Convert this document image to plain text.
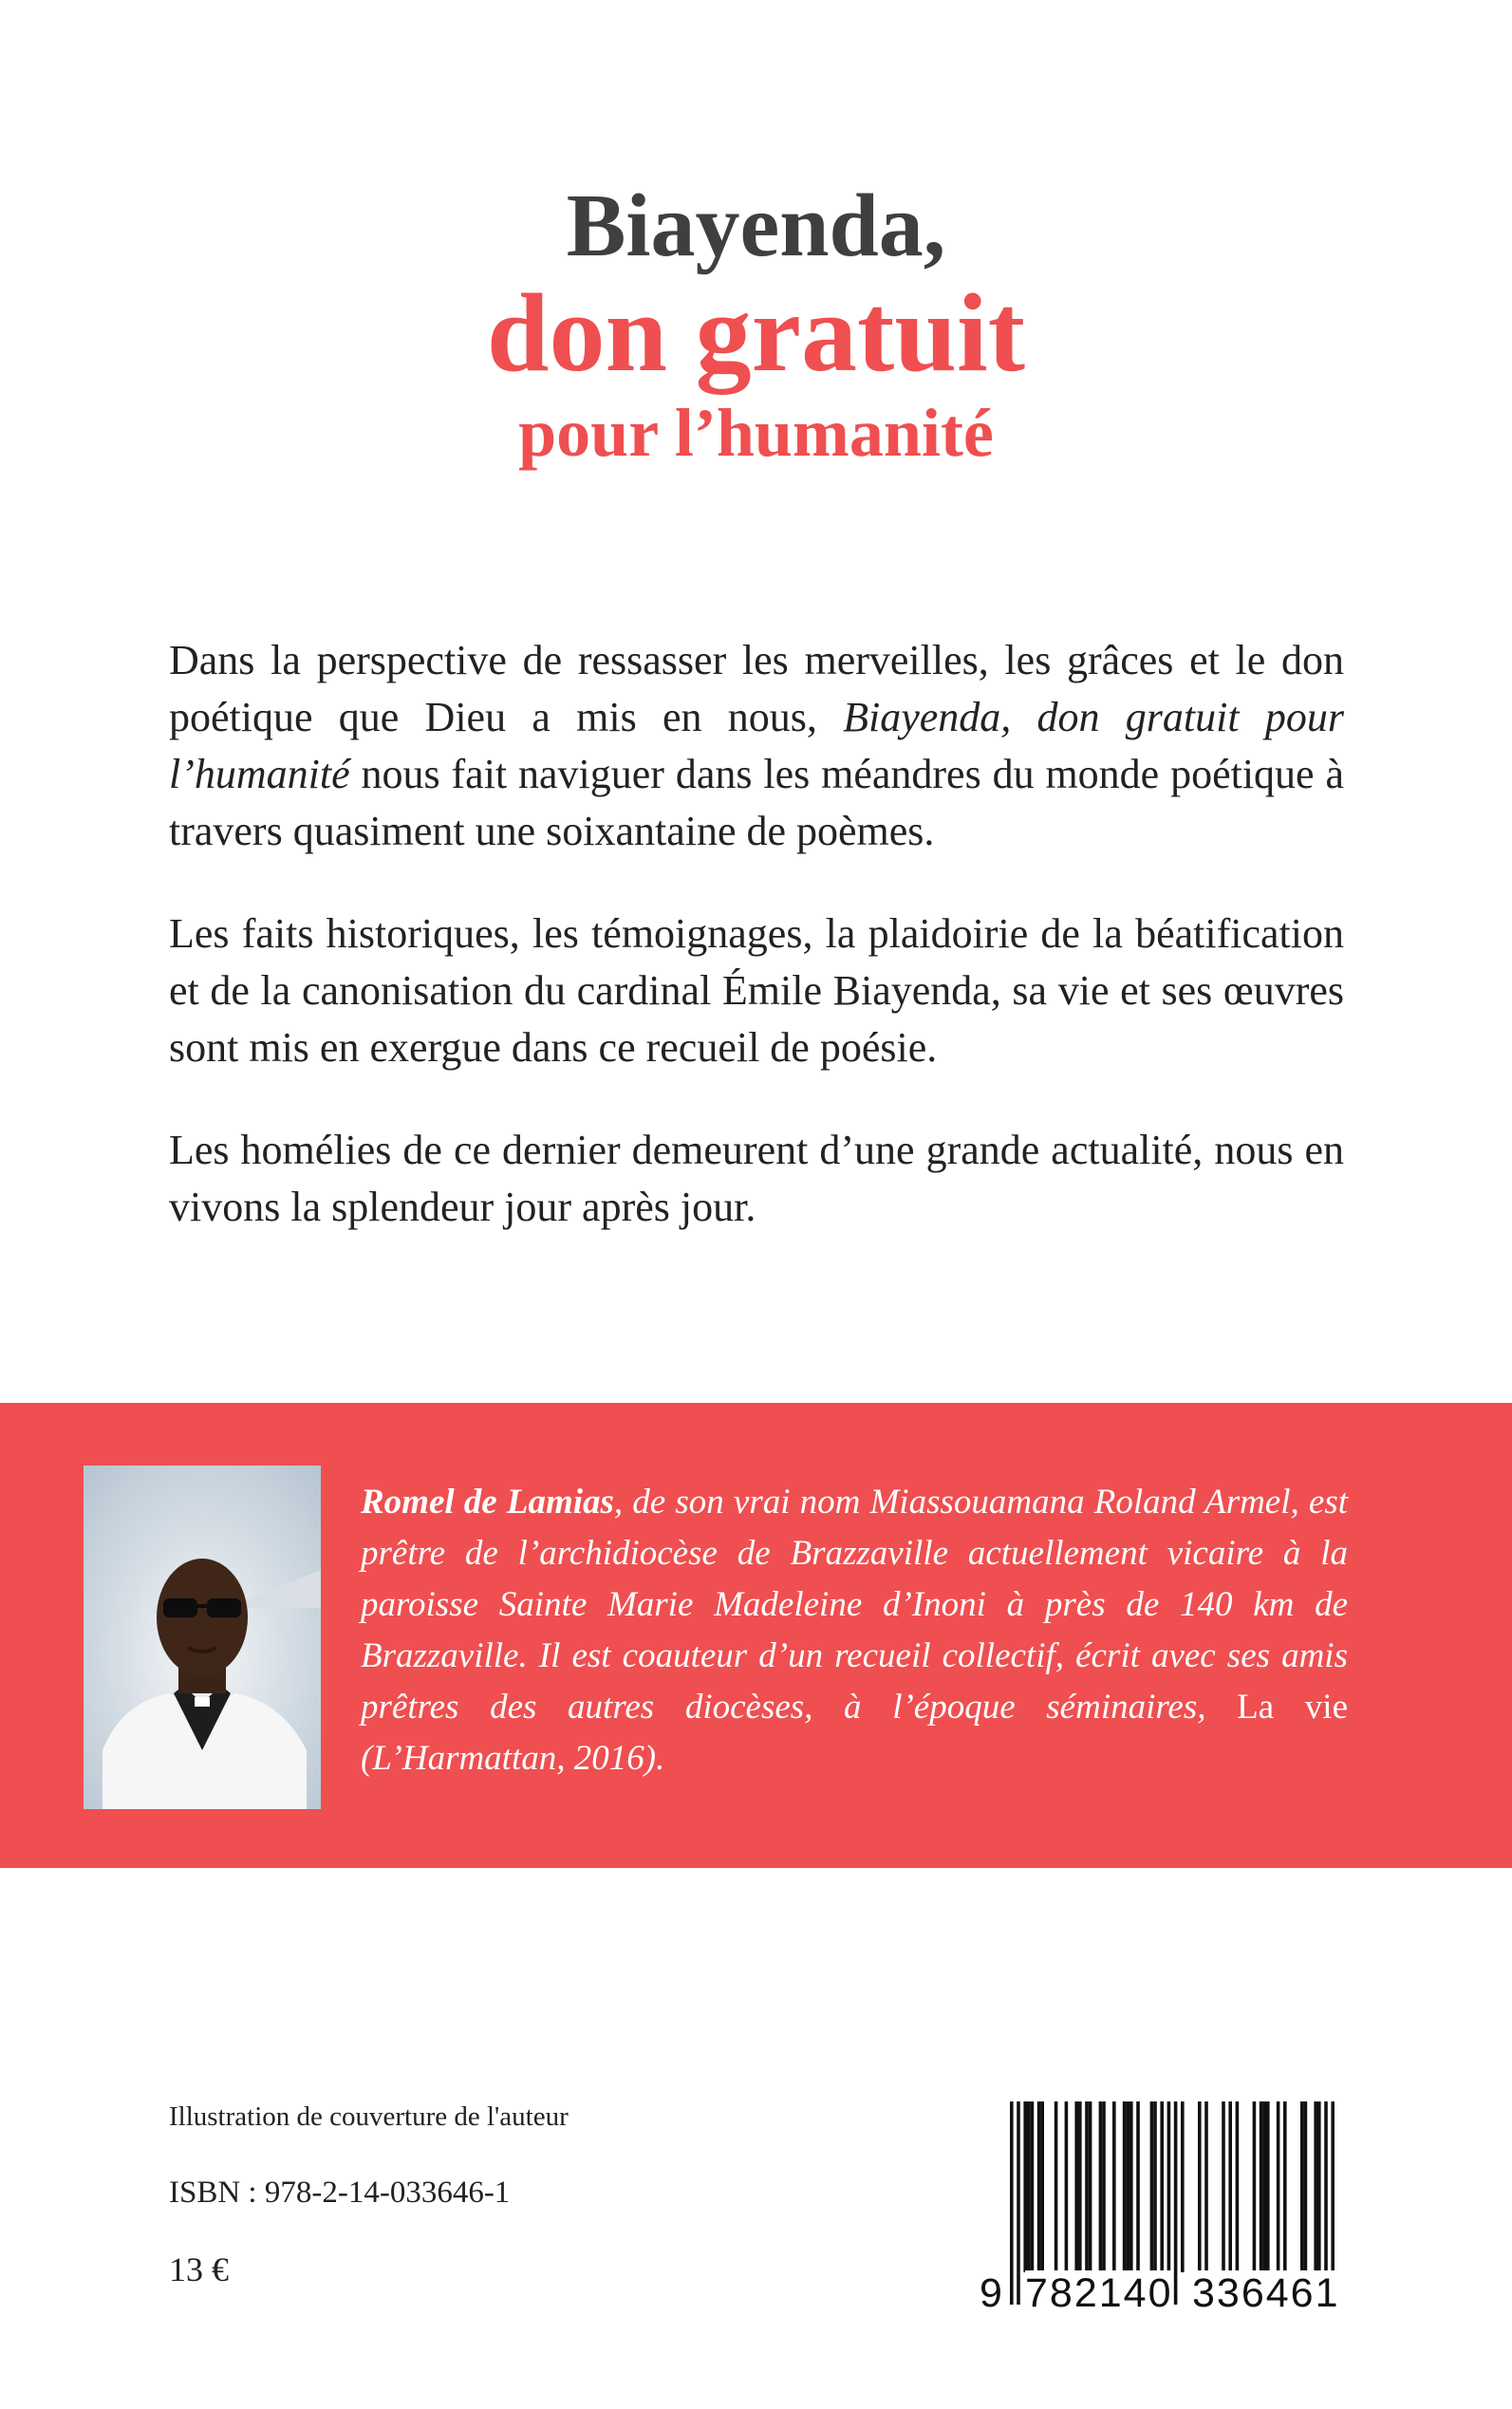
Biayenda,
don gratuit
pour l’humanité

Dans la perspective de ressasser les merveilles, les grâces et le don poétique que Dieu a mis en nous, Biayenda, don gratuit pour l’humanité nous fait naviguer dans les méandres du monde poétique à travers quasiment une soixantaine de poèmes.

Les faits historiques, les témoignages, la plaidoirie de la béatification et de la canonisation du cardinal Émile Biayenda, sa vie et ses œuvres sont mis en exergue dans ce recueil de poésie.

Les homélies de ce dernier demeurent d’une grande actualité, nous en vivons la splendeur jour après jour.

Romel de Lamias, de son vrai nom Miassouamana Roland Armel, est prêtre de l’archidiocèse de Brazzaville actuellement vicaire à la paroisse Sainte Marie Madeleine d’Inoni à près de 140 km de Brazzaville. Il est coauteur d’un recueil collectif, écrit avec ses amis prêtres des autres diocèses, à l’époque séminaires, La vie (L’Harmattan, 2016).
Illustration de couverture de l'auteur
ISBN : 978-2-14-033646-1
13 €
9 782140 336461
